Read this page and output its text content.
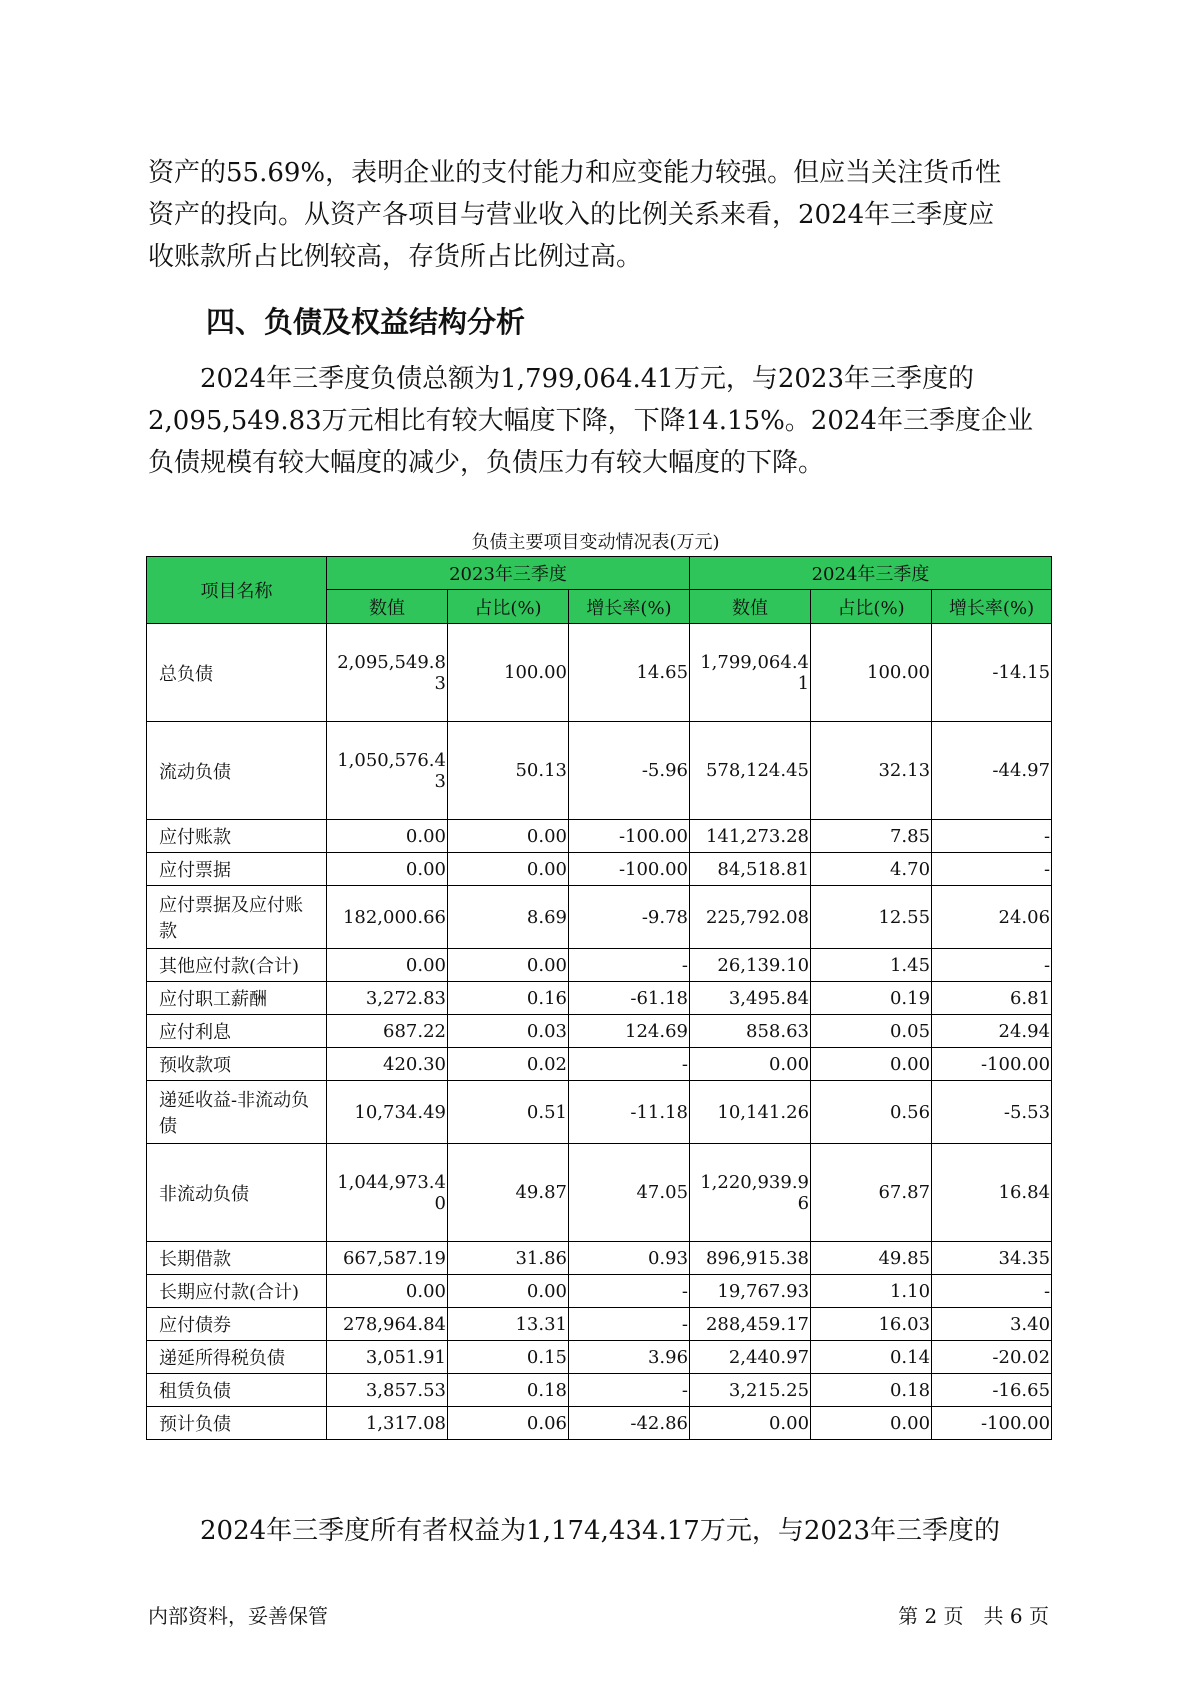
资产的55.69%，表明企业的支付能力和应变能力较强。但应当关注货币性
资产的投向。从资产各项目与营业收入的比例关系来看，2024年三季度应
收账款所占比例较高，存货所占比例过高。
四、负债及权益结构分析
　　2024年三季度负债总额为1,799,064.41万元，与2023年三季度的
2,095,549.83万元相比有较大幅度下降，下降14.15%。2024年三季度企业
负债规模有较大幅度的减少，负债压力有较大幅度的下降。
负债主要项目变动情况表(万元)
项目名称	2023年三季度			2024年三季度		
	数值	占比(%)	增长率(%)	数值	占比(%)	增长率(%)

总负债	2,095,549.8
3	100.00	14.65	1,799,064.4
1	100.00	-14.15

流动负债	1,050,576.4
3	50.13	-5.96	578,124.45	32.13	-44.97

应付账款	0.00	0.00	-100.00	141,273.28	7.85	-

应付票据	0.00	0.00	-100.00	84,518.81	4.70	-

应付票据及应付账
款	182,000.66	8.69	-9.78	225,792.08	12.55	24.06

其他应付款(合计)	0.00	0.00	-	26,139.10	1.45	-

应付职工薪酬	3,272.83	0.16	-61.18	3,495.84	0.19	6.81

应付利息	687.22	0.03	124.69	858.63	0.05	24.94

预收款项	420.30	0.02	-	0.00	0.00	-100.00

递延收益-非流动负
债	10,734.49	0.51	-11.18	10,141.26	0.56	-5.53

非流动负债	1,044,973.4
0	49.87	47.05	1,220,939.9
6	67.87	16.84

长期借款	667,587.19	31.86	0.93	896,915.38	49.85	34.35

长期应付款(合计)	0.00	0.00	-	19,767.93	1.10	-

应付债券	278,964.84	13.31	-	288,459.17	16.03	3.40

递延所得税负债	3,051.91	0.15	3.96	2,440.97	0.14	-20.02

租赁负债	3,857.53	0.18	-	3,215.25	0.18	-16.65

预计负债	1,317.08	0.06	-42.86	0.00	0.00	-100.00
　　2024年三季度所有者权益为1,174,434.17万元，与2023年三季度的
内部资料，妥善保管	第 2 页　共 6 页
